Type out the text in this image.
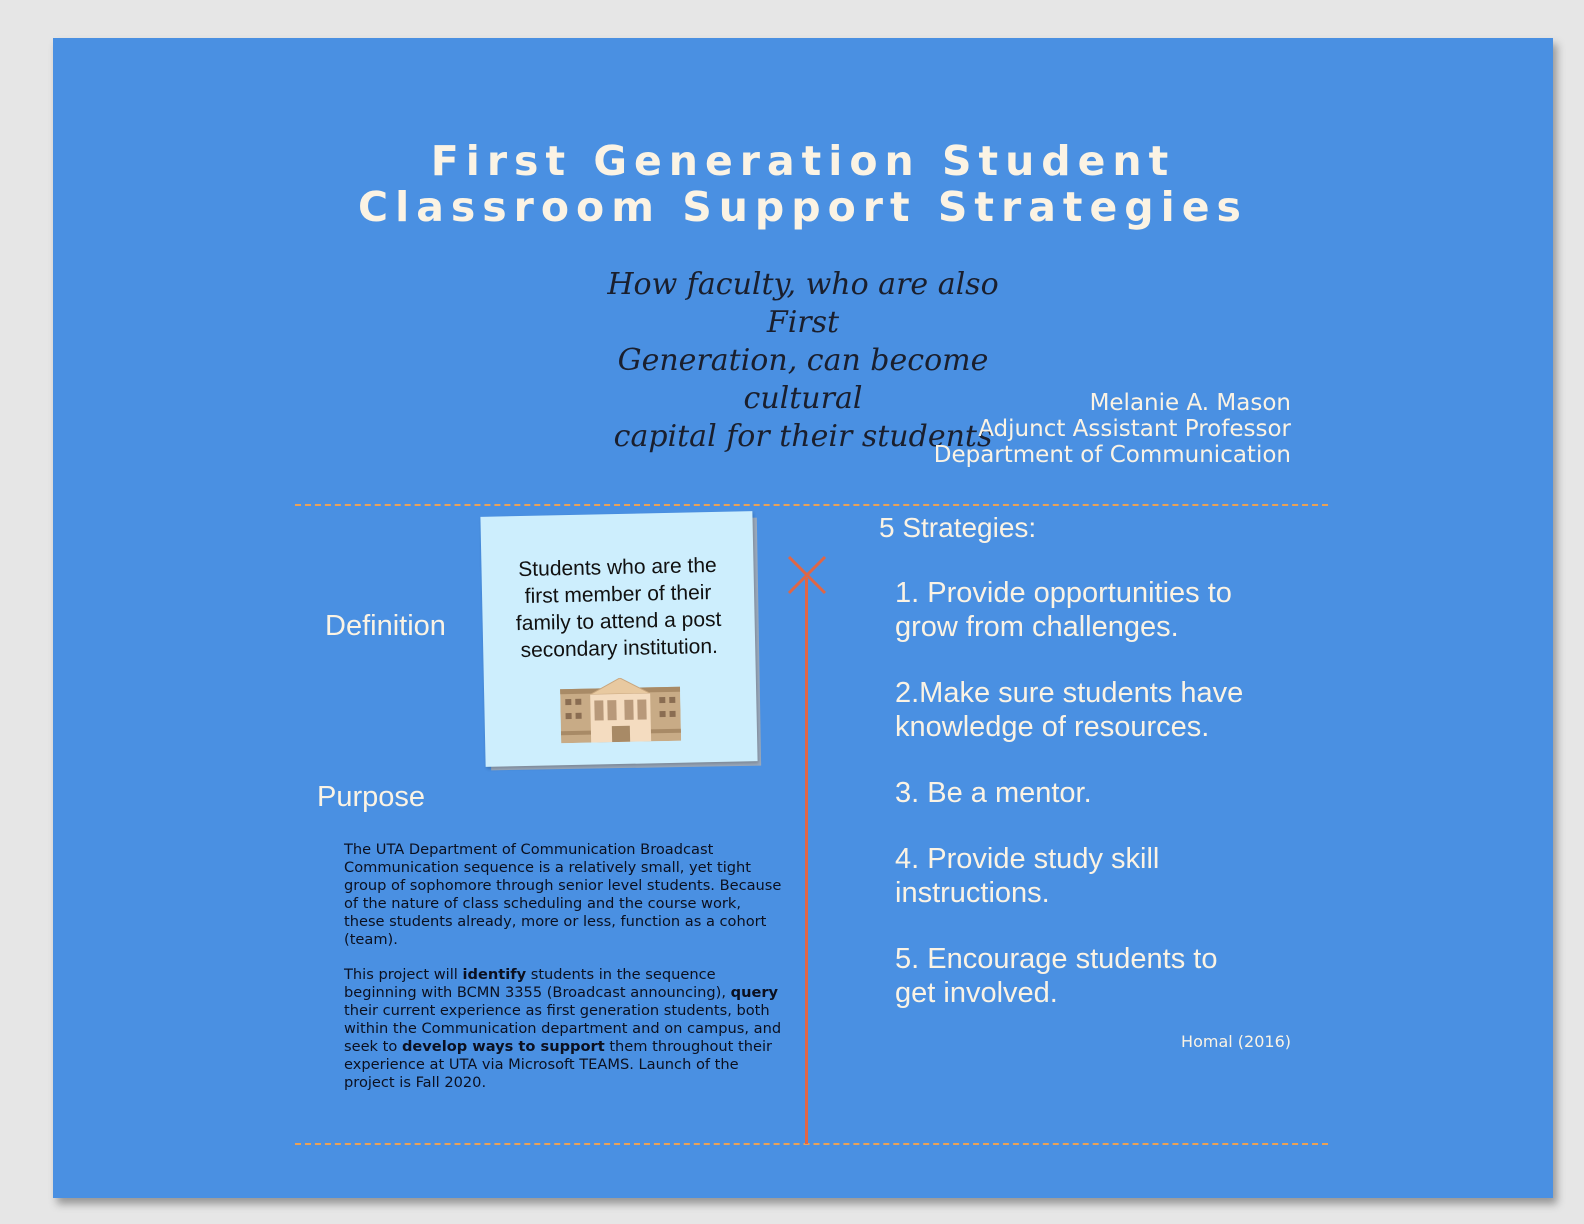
First Generation Student
Classroom Support Strategies
How faculty, who are also First
Generation, can become cultural
capital for their students
Melanie A. Mason
Adjunct Assistant Professor
Department of Communication
Definition
Students who are the
first member of their
family to attend a post
secondary institution.
Purpose

The UTA Department of Communication Broadcast Communication sequence is a relatively small, yet tight group of sophomore through senior level students. Because of the nature of class scheduling and the course work, these students already, more or less, function as a cohort (team).

This project will identify students in the sequence beginning with BCMN 3355 (Broadcast announcing), query their current experience as first generation students, both within the Communication department and on campus, and seek to develop ways to support them throughout their experience at UTA via Microsoft TEAMS. Launch of the project is Fall 2020.

5 Strategies:
1. Provide opportunities to
grow from challenges.
2.Make sure students have
knowledge of resources.
3. Be a mentor.
4. Provide study skill
instructions.
5. Encourage students to
get involved.
Homal (2016)
